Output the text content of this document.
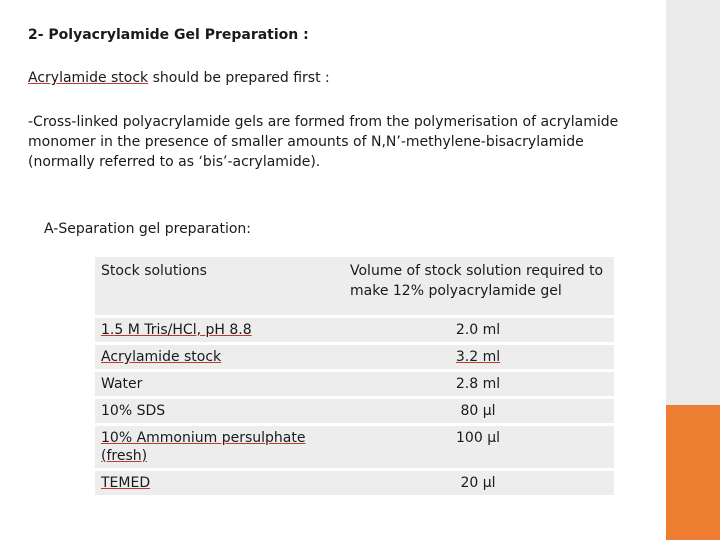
2- Polyacrylamide Gel Preparation :
Acrylamide stock should be prepared first :
-Cross-linked polyacrylamide gels are formed from the polymerisation of acrylamide monomer in the presence of smaller amounts of N,N’-methylene-bisacrylamide (normally referred to as ‘bis’-acrylamide).
A-Separation gel preparation:
Stock solutions	Volume of stock solution required to make 12% polyacrylamide gel
1.5 M Tris/HCl, pH 8.8	2.0 ml
Acrylamide stock	3.2 ml
Water	2.8 ml
10% SDS	80 µl
10% Ammonium persulphate (fresh)	100 µl
TEMED	20 µl
